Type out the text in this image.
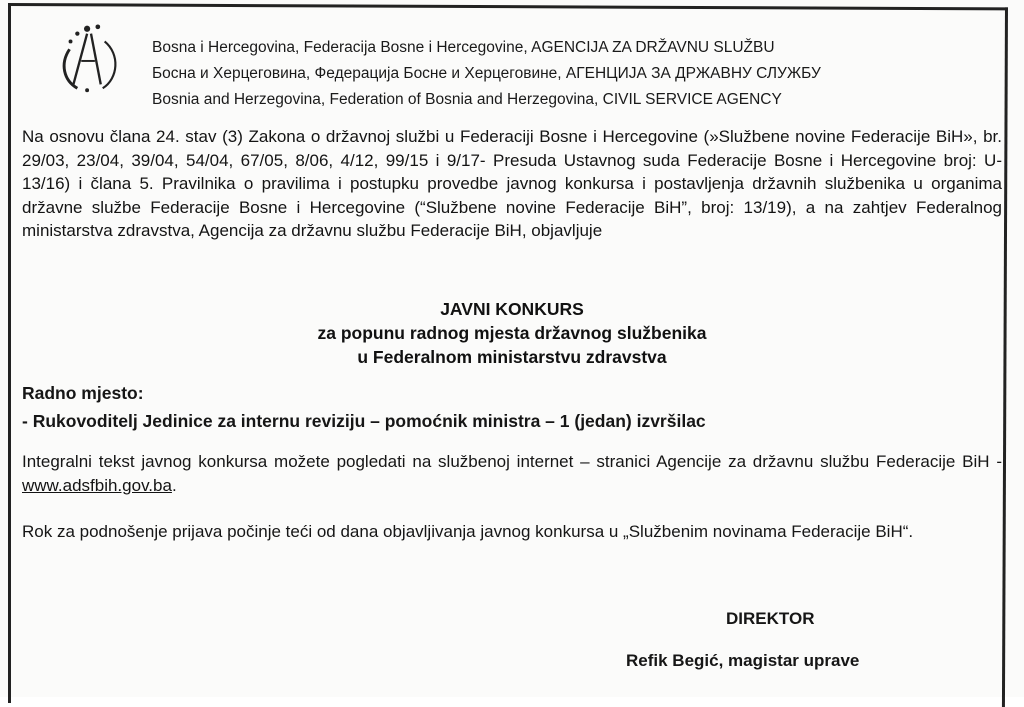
Bosna i Hercegovina, Federacija Bosne i Hercegovine, AGENCIJA ZA DRŽAVNU SLUŽBU
Босна и Херцеговина, Федерација Босне и Херцеговине, АГЕНЦИЈА ЗА ДРЖАВНУ СЛУЖБУ
Bosnia and Herzegovina, Federation of Bosnia and Herzegovina, CIVIL SERVICE AGENCY
Na osnovu člana 24. stav (3) Zakona o državnoj službi u Federaciji Bosne i Hercegovine (»Službene novine Federacije BiH», br. 29/03, 23/04, 39/04, 54/04, 67/05, 8/06, 4/12, 99/15 i 9/17- Presuda Ustavnog suda Federacije Bosne i Hercegovine broj: U-13/16) i člana 5. Pravilnika o pravilima i postupku provedbe javnog konkursa i postavljenja državnih službenika u organima državne službe Federacije Bosne i Hercegovine (“Službene novine Federacije BiH”, broj: 13/19), a na zahtjev Federalnog ministarstva zdravstva, Agencija za državnu službu Federacije BiH, objavljuje
JAVNI KONKURS
za popunu radnog mjesta državnog službenika
u Federalnom ministarstvu zdravstva
Radno mjesto:
- Rukovoditelj Jedinice za internu reviziju – pomoćnik ministra – 1 (jedan) izvršilac
Integralni tekst javnog konkursa možete pogledati na službenoj internet – stranici Agencije za državnu službu Federacije BiH - www.adsfbih.gov.ba.
Rok za podnošenje prijava počinje teći od dana objavljivanja javnog konkursa u „Službenim novinama Federacije BiH“.
DIREKTOR
Refik Begić, magistar uprave
